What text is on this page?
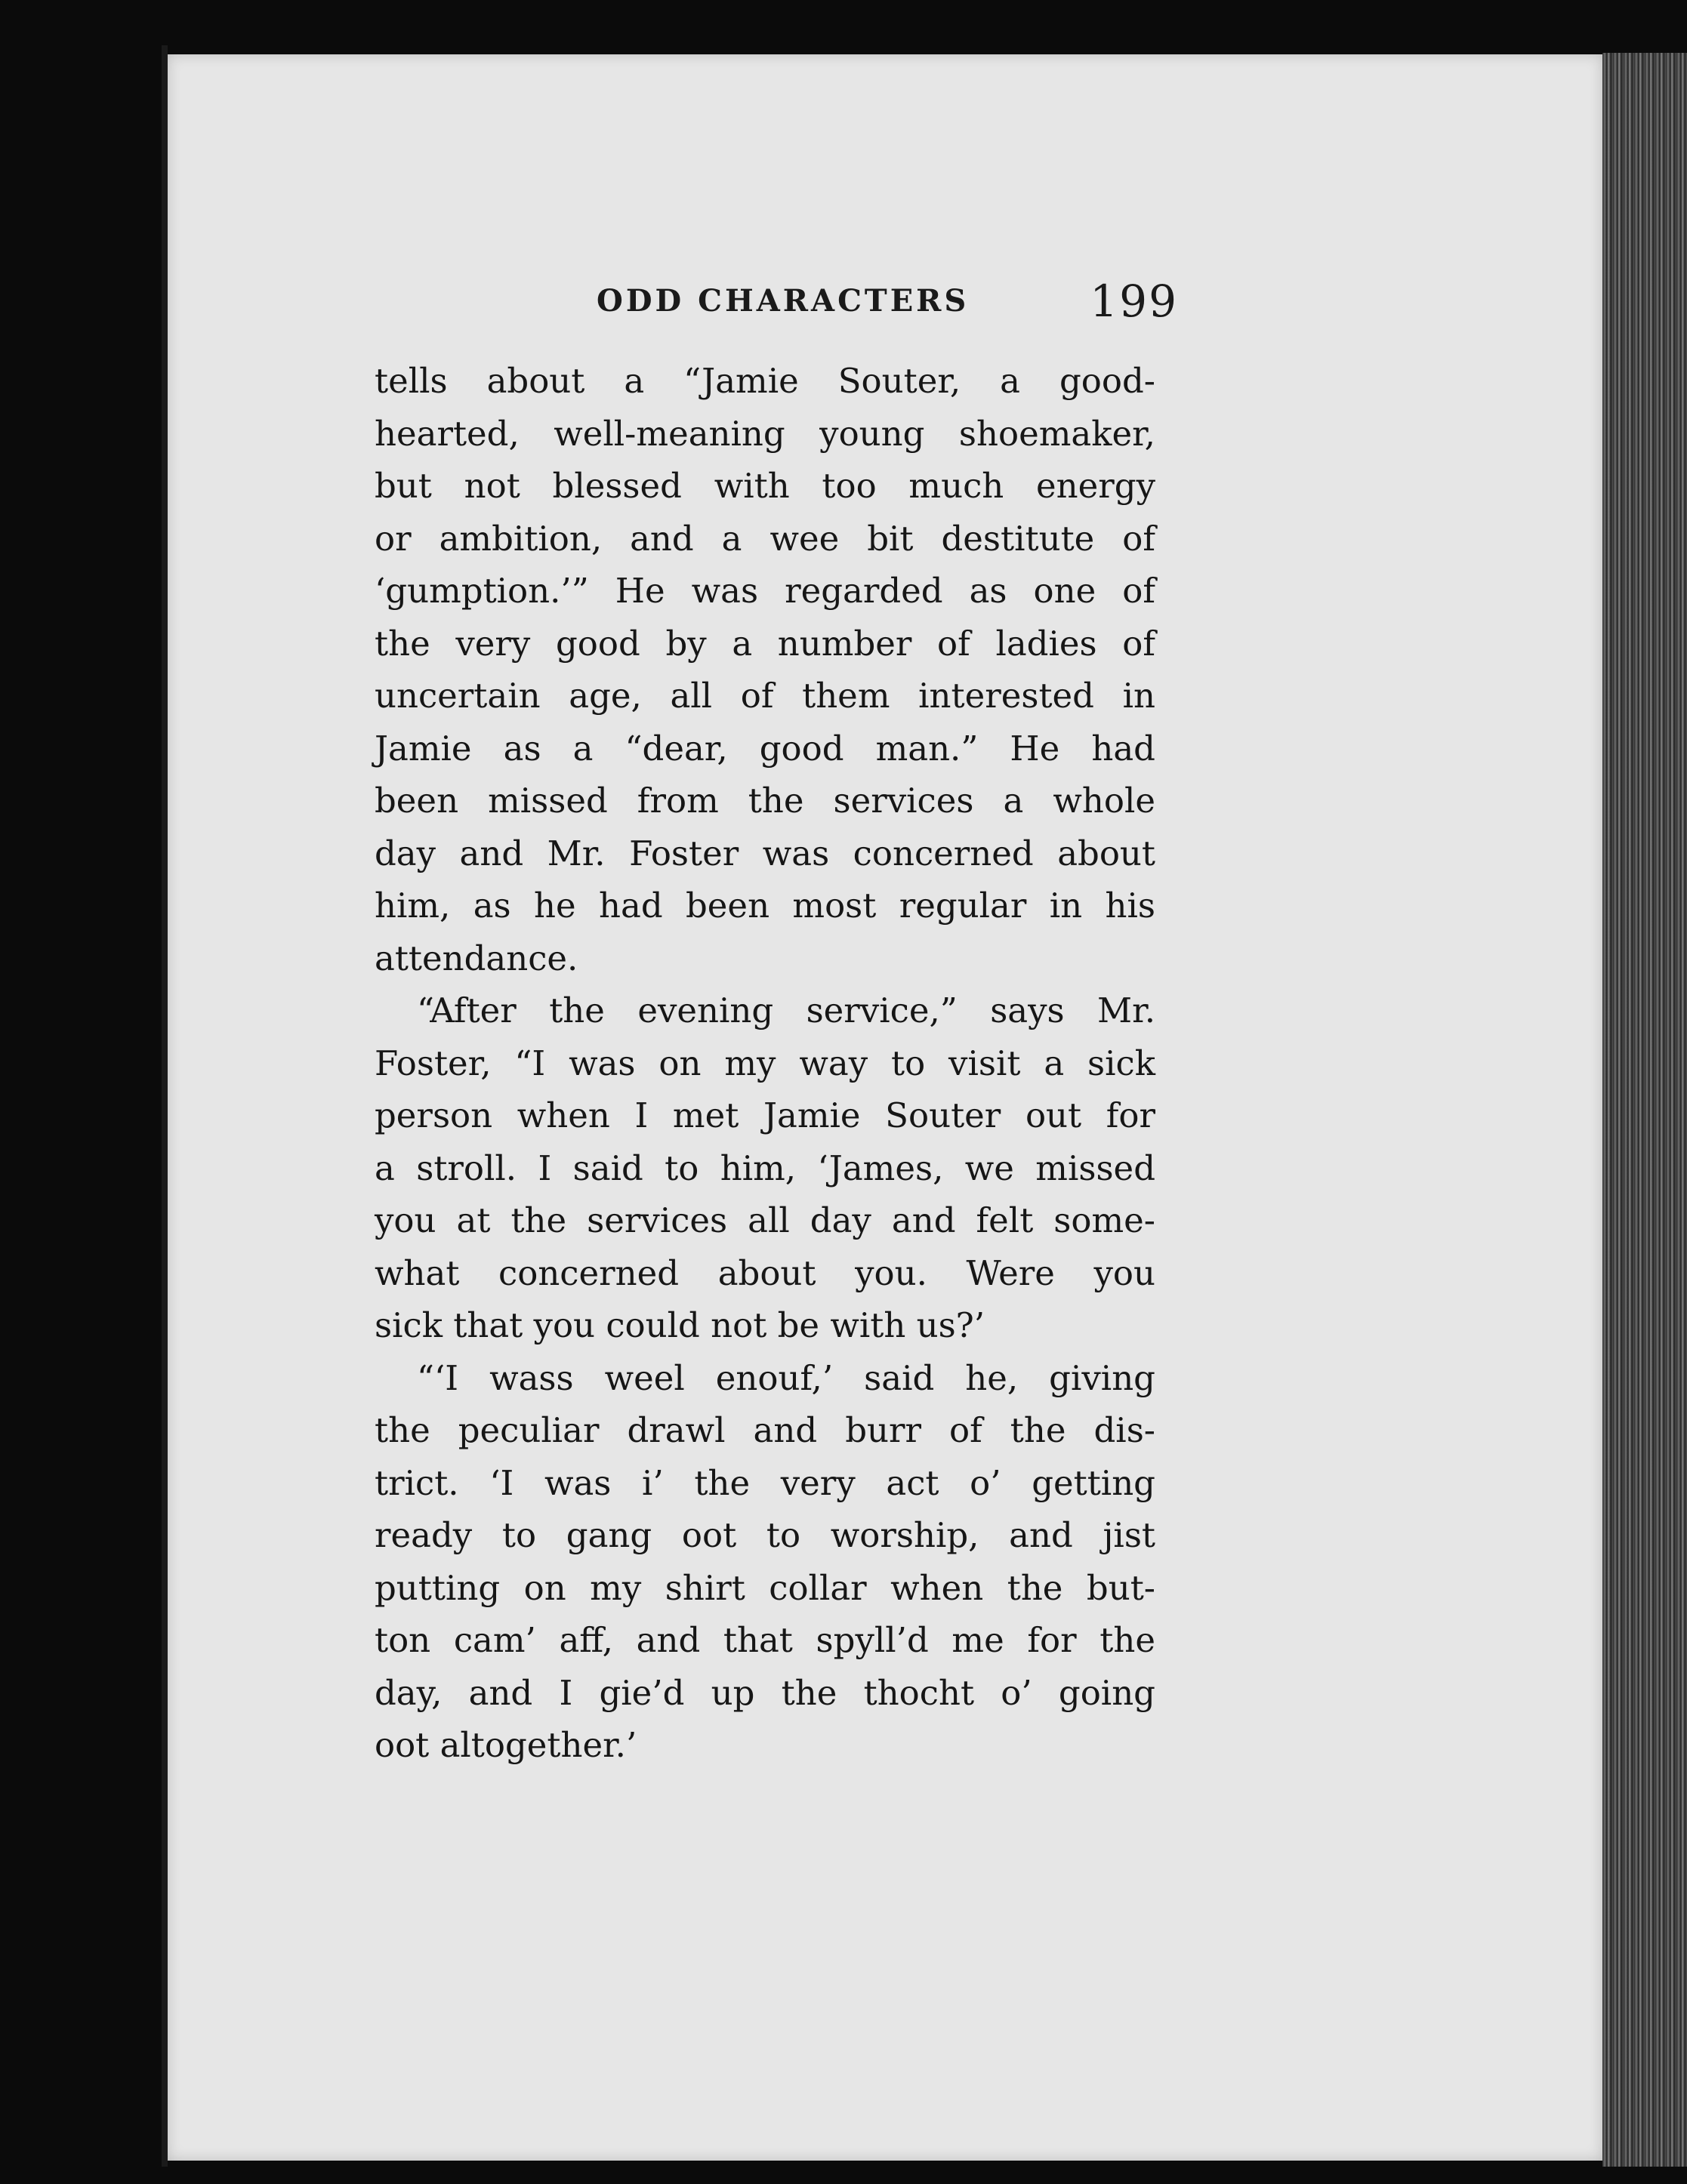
ODD CHARACTERS	199

tells about a “Jamie Souter, a good-
hearted, well-meaning young shoemaker,
but not blessed with too much energy
or ambition, and a wee bit destitute of
‘gumption.’” He was regarded as one of
the very good by a number of ladies of
uncertain age, all of them interested in
Jamie as a “dear, good man.” He had
been missed from the services a whole
day and Mr. Foster was concerned about
him, as he had been most regular in his
attendance.

“After the evening service,” says Mr.
Foster, “I was on my way to visit a sick
person when I met Jamie Souter out for
a stroll. I said to him, ‘James, we missed
you at the services all day and felt some-
what concerned about you. Were you
sick that you could not be with us?’

“‘I wass weel enouf,’ said he, giving
the peculiar drawl and burr of the dis-
trict. ‘I was i’ the very act o’ getting
ready to gang oot to worship, and jist
putting on my shirt collar when the but-
ton cam’ aff, and that spyll’d me for the
day, and I gie’d up the thocht o’ going
oot altogether.’
